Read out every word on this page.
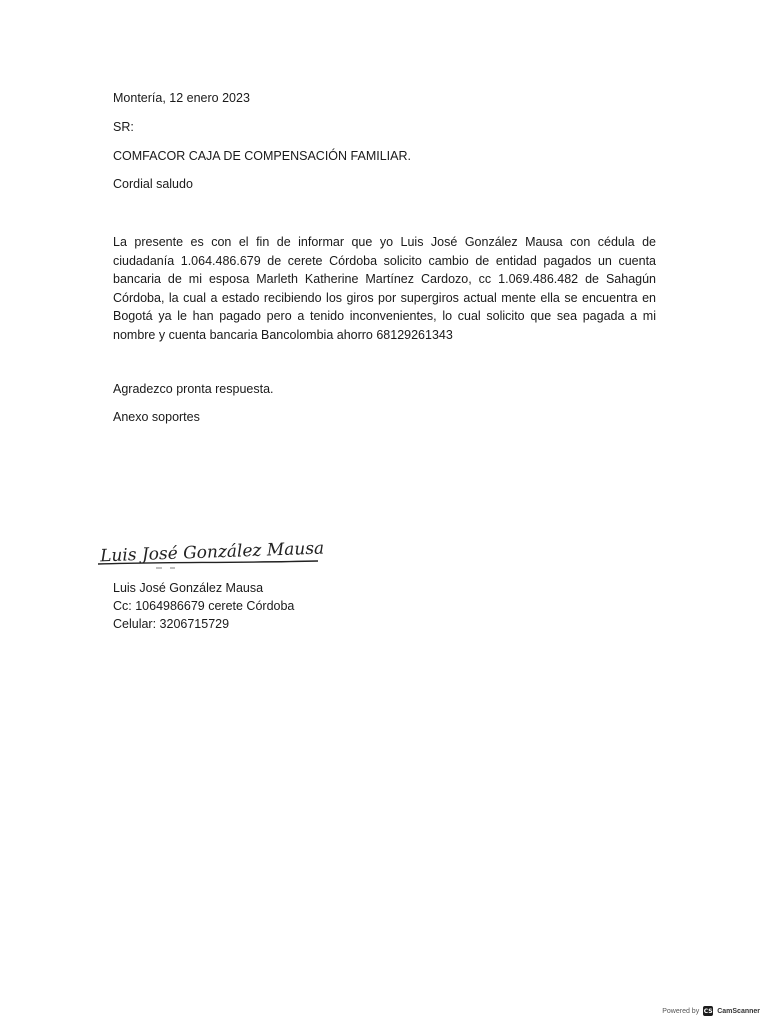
Montería, 12 enero 2023
SR:
COMFACOR CAJA DE COMPENSACIÓN FAMILIAR.
Cordial saludo
La presente es con el fin de informar que yo Luis José González Mausa con cédula de ciudadanía 1.064.486.679 de cerete Córdoba solicito cambio de entidad pagados un cuenta bancaria de mi esposa Marleth Katherine Martínez Cardozo, cc 1.069.486.482 de Sahagún Córdoba, la cual a estado recibiendo los giros por supergiros actual mente ella se encuentra en Bogotá ya le han pagado pero a tenido inconvenientes, lo cual solicito que sea pagada a mi nombre y cuenta bancaria Bancolombia ahorro 68129261343
Agradezco pronta respuesta.
Anexo soportes
Luis José González Mausa
Luis José González Mausa
Cc: 1064986679 cerete Córdoba
Celular: 3206715729
Powered by CS CamScanner
